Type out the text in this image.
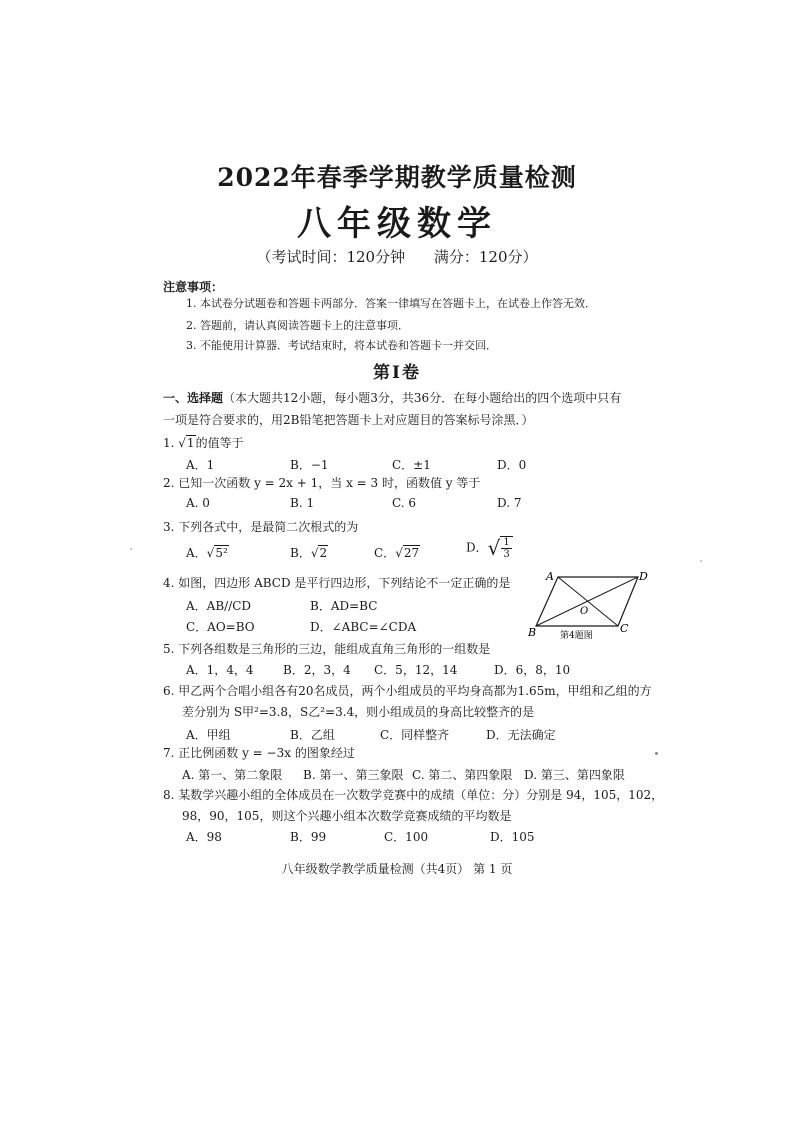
2022年春季学期教学质量检测
八年级数学
（考试时间：120分钟 满分：120分）
注意事项：
1. 本试卷分试题卷和答题卡两部分．答案一律填写在答题卡上，在试卷上作答无效．
2. 答题前，请认真阅读答题卡上的注意事项．
3. 不能使用计算器．考试结束时，将本试卷和答题卡一并交回．
第Ⅰ卷
一、选择题（本大题共12小题，每小题3分，共36分．在每小题给出的四个选项中只有一项是符合要求的，用2B铅笔把答题卡上对应题目的答案标号涂黑．）
1. √1的值等于
A．1	B．−1	C．±1	D．0
2. 已知一次函数 y = 2x + 1，当 x = 3 时，函数值 y 等于
A. 0	B. 1	C. 6	D. 7
3. 下列各式中，是最简二次根式的为
A．√5²	B．√2	C．√27	D．√ $\frac{1}{3}$
4. 如图，四边形 ABCD 是平行四边形，下列结论不一定正确的是
A．AB//CD	B．AD=BC
C．AO=BO	D．∠ABC=∠CDA
A
B	C
D
O
第4题图
5. 下列各组数是三角形的三边，能组成直角三角形的一组数是
A．1，4，4 B．2，3，4 C．5，12，14	D．6，8，10
6. 甲乙两个合唱小组各有20名成员，两个小组成员的平均身高都为1.65m，甲组和乙组的方
差分别为 S甲²=3.8，S乙²=3.4，则小组成员的身高比较整齐的是
A．甲组	B．乙组	C．同样整齐	D．无法确定
7. 正比例函数 y = −3x 的图象经过
A. 第一、第二象限 B. 第一、第三象限 C. 第二、第四象限 D. 第三、第四象限
8. 某数学兴趣小组的全体成员在一次数学竞赛中的成绩（单位：分）分别是 94，105，102，
98，90，105，则这个兴趣小组本次数学竞赛成绩的平均数是
A．98	B．99	C．100	D．105
八年级数学教学质量检测（共4页） 第 1 页
